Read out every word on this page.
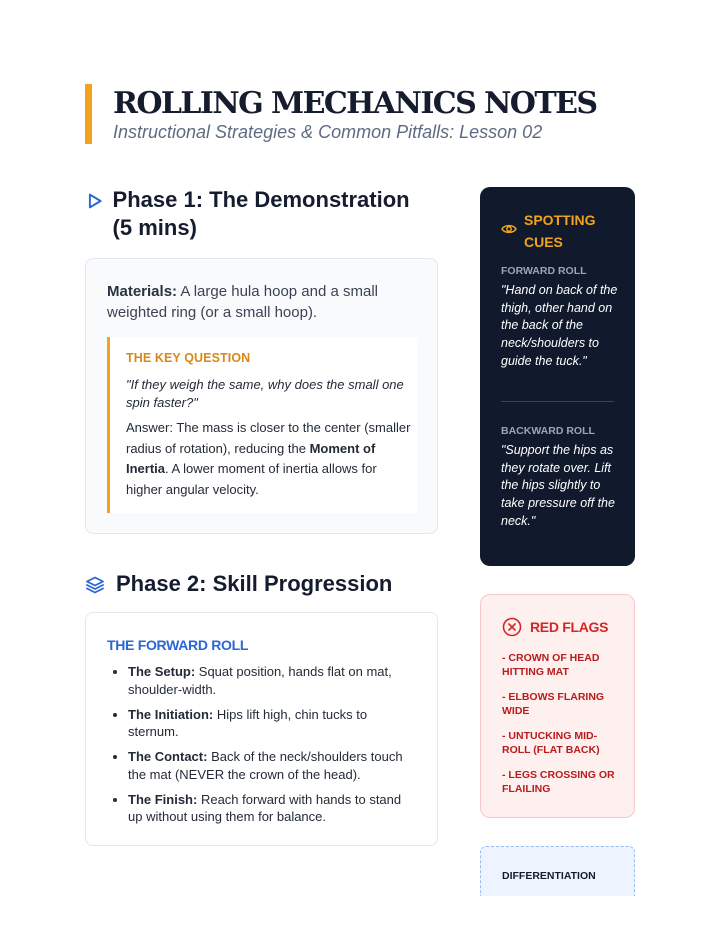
ROLLING MECHANICS NOTES
Instructional Strategies & Common Pitfalls: Lesson 02
Phase 1: The Demonstration (5 mins)
Materials: A large hula hoop and a small weighted ring (or a small hoop).
THE KEY QUESTION
"If they weigh the same, why does the small one spin faster?"
Answer: The mass is closer to the center (smaller radius of rotation), reducing the Moment of Inertia. A lower moment of inertia allows for higher angular velocity.
Phase 2: Skill Progression
THE FORWARD ROLL
• The Setup: Squat position, hands flat on mat, shoulder-width.
• The Initiation: Hips lift high, chin tucks to sternum.
• The Contact: Back of the neck/shoulders touch the mat (NEVER the crown of the head).
• The Finish: Reach forward with hands to stand up without using them for balance.
SPOTTING CUES
FORWARD ROLL
"Hand on back of the thigh, other hand on the back of the neck/shoulders to guide the tuck."
BACKWARD ROLL
"Support the hips as they rotate over. Lift the hips slightly to take pressure off the neck."
RED FLAGS
- CROWN OF HEAD HITTING MAT
- ELBOWS FLARING WIDE
- UNTUCKING MID-ROLL (FLAT BACK)
- LEGS CROSSING OR FLAILING
DIFFERENTIATION
